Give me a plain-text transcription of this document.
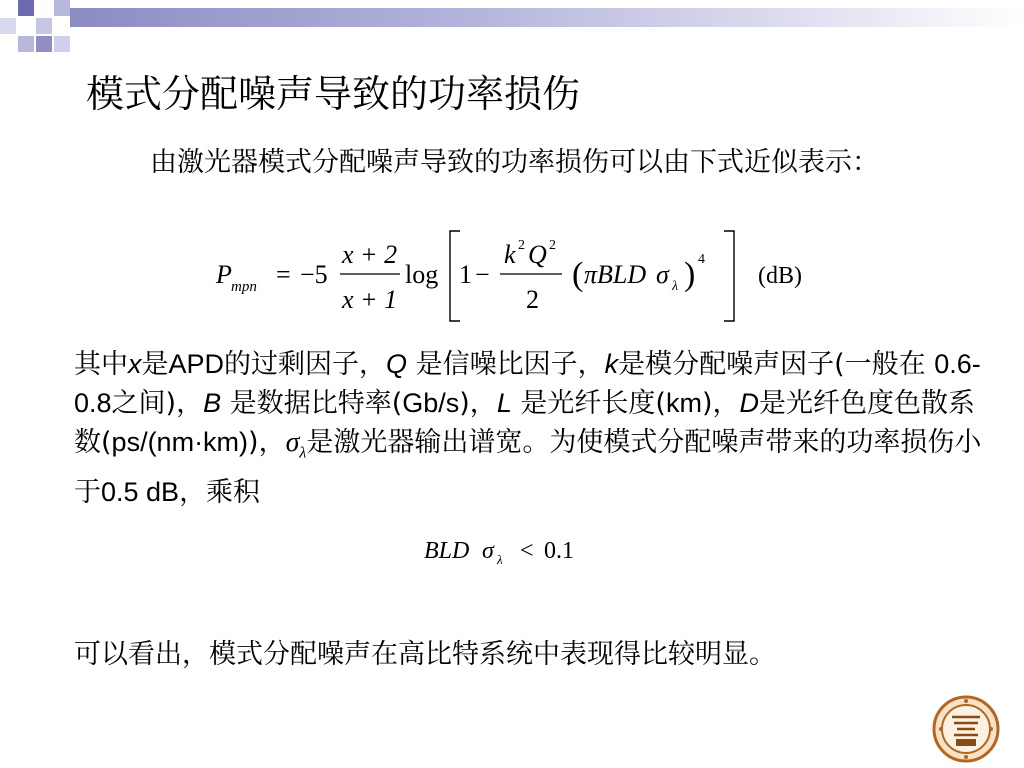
模式分配噪声导致的功率损伤

由激光器模式分配噪声导致的功率损伤可以由下式近似表示：

P mpn = −5
x + 2
x + 1
log 1 −
k 2 Q 2
2
( πBLD σ λ ) 4
(dB)

其中x是APD的过剩因子，Q 是信噪比因子，k是模分配噪声因子(一般在 0.6-0.8之间)，B 是数据比特率(Gb/s)，L 是光纤长度(km)，D是光纤色度色散系数(ps/(nm·km))，$\sigma_\lambda$是激光器输出谱宽。为使模式分配噪声带来的功率损伤小于0.5 dB，乘积

BLD σ λ < 0.1

可以看出，模式分配噪声在高比特系统中表现得比较明显。
